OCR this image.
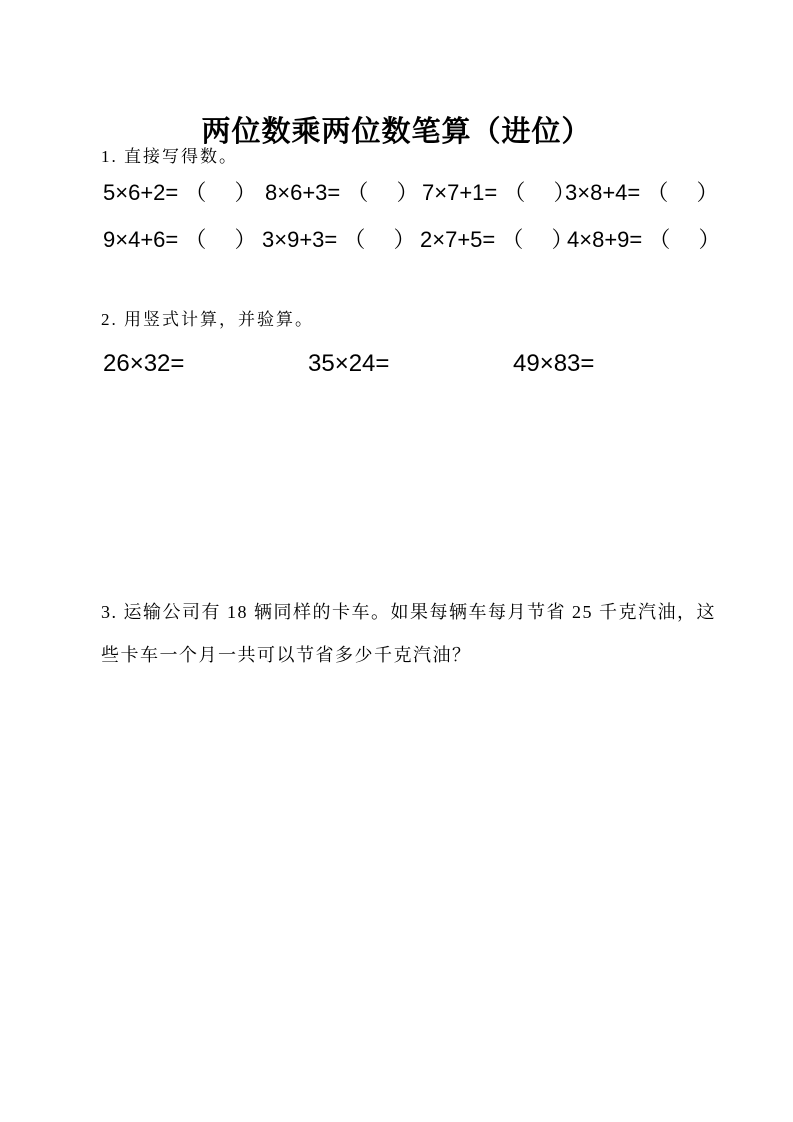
两位数乘两位数笔算（进位）
1. 直接写得数。
5×6+2= （　 ） 8×6+3= （　 ） 7×7+1= （　 ）
3×8+4= （　 ）
9×4+6= （　 ） 3×9+3= （　 ） 2×7+5= （　 ）
4×8+9= （　 ）
2. 用竖式计算，并验算。
26×32=	35×24=	49×83=
3. 运输公司有 18 辆同样的卡车。如果每辆车每月节省 25 千克汽油，这
些卡车一个月一共可以节省多少千克汽油？
